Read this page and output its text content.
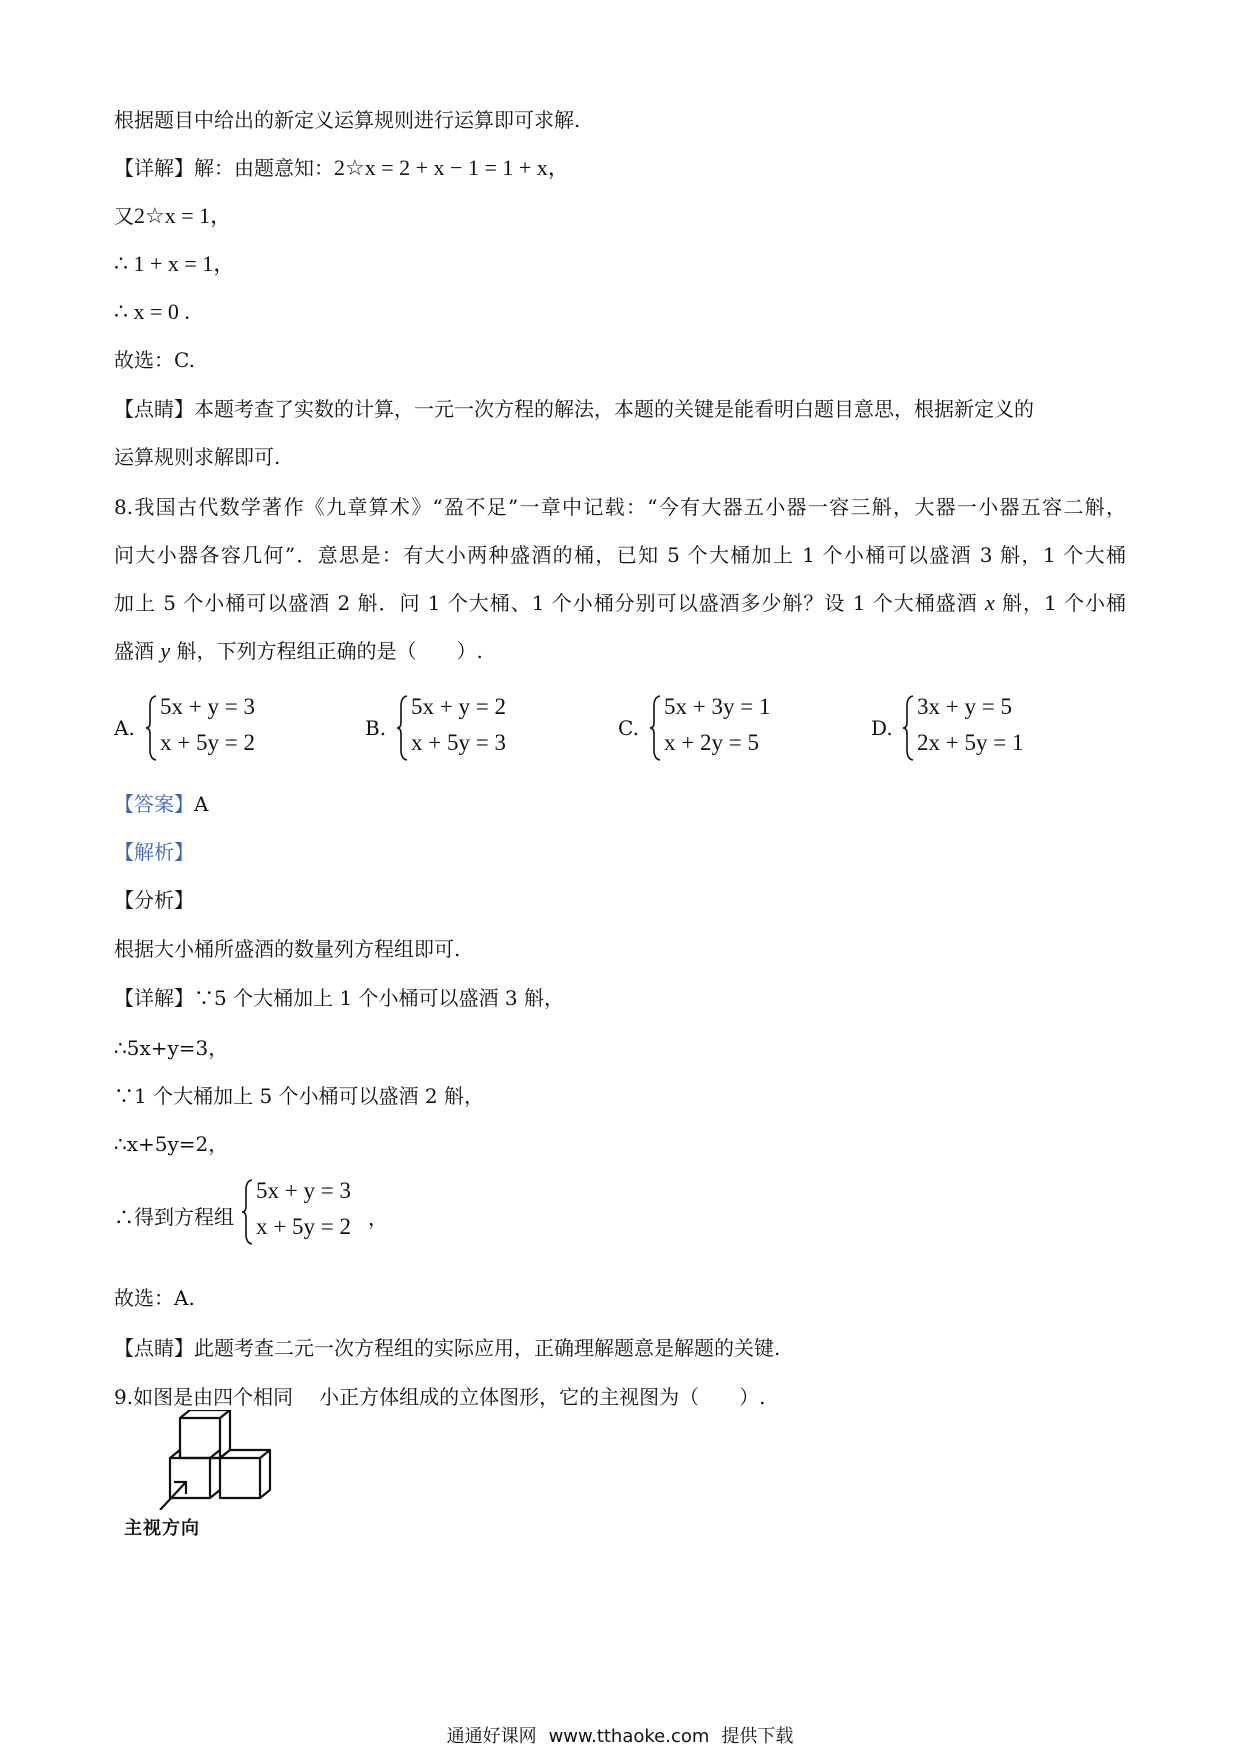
根据题目中给出的新定义运算规则进行运算即可求解.
【详解】解：由题意知：2☆x = 2 + x − 1 = 1 + x，
又2☆x = 1，
∴ 1 + x = 1，
∴ x = 0 .
故选：C.
【点睛】本题考查了实数的计算，一元一次方程的解法，本题的关键是能看明白题目意思，根据新定义的
运算规则求解即可.
8.我国古代数学著作《九章算术》“盈不足”一章中记载：“今有大器五小器一容三斛，大器一小器五容二斛，
问大小器各容几何”．意思是：有大小两种盛酒的桶，已知 5 个大桶加上 1 个小桶可以盛酒 3 斛，1 个大桶
加上 5 个小桶可以盛酒 2 斛．问 1 个大桶、1 个小桶分别可以盛酒多少斛？设 1 个大桶盛酒 x 斛，1 个小桶
盛酒 y 斛，下列方程组正确的是（　　）.
A.
5x + y = 3
x + 5y = 2
B.
5x + y = 2
x + 5y = 3
C.
5x + 3y = 1
x + 2y = 5
D.
3x + y = 5
2x + 5y = 1
【答案】A
【解析】
【分析】
根据大小桶所盛酒的数量列方程组即可.
【详解】∵5 个大桶加上 1 个小桶可以盛酒 3 斛，
∴5x+y=3，
∵1 个大桶加上 5 个小桶可以盛酒 2 斛，
∴x+5y=2，
∴得到方程组
5x + y = 3
x + 5y = 2 ，
故选：A.
【点睛】此题考查二元一次方程组的实际应用，正确理解题意是解题的关键.
9.如图是由四个相同 小正方体组成的立体图形，它的主视图为（　　）.
主视方向
通通好课网 www.tthaoke.com 提供下载
